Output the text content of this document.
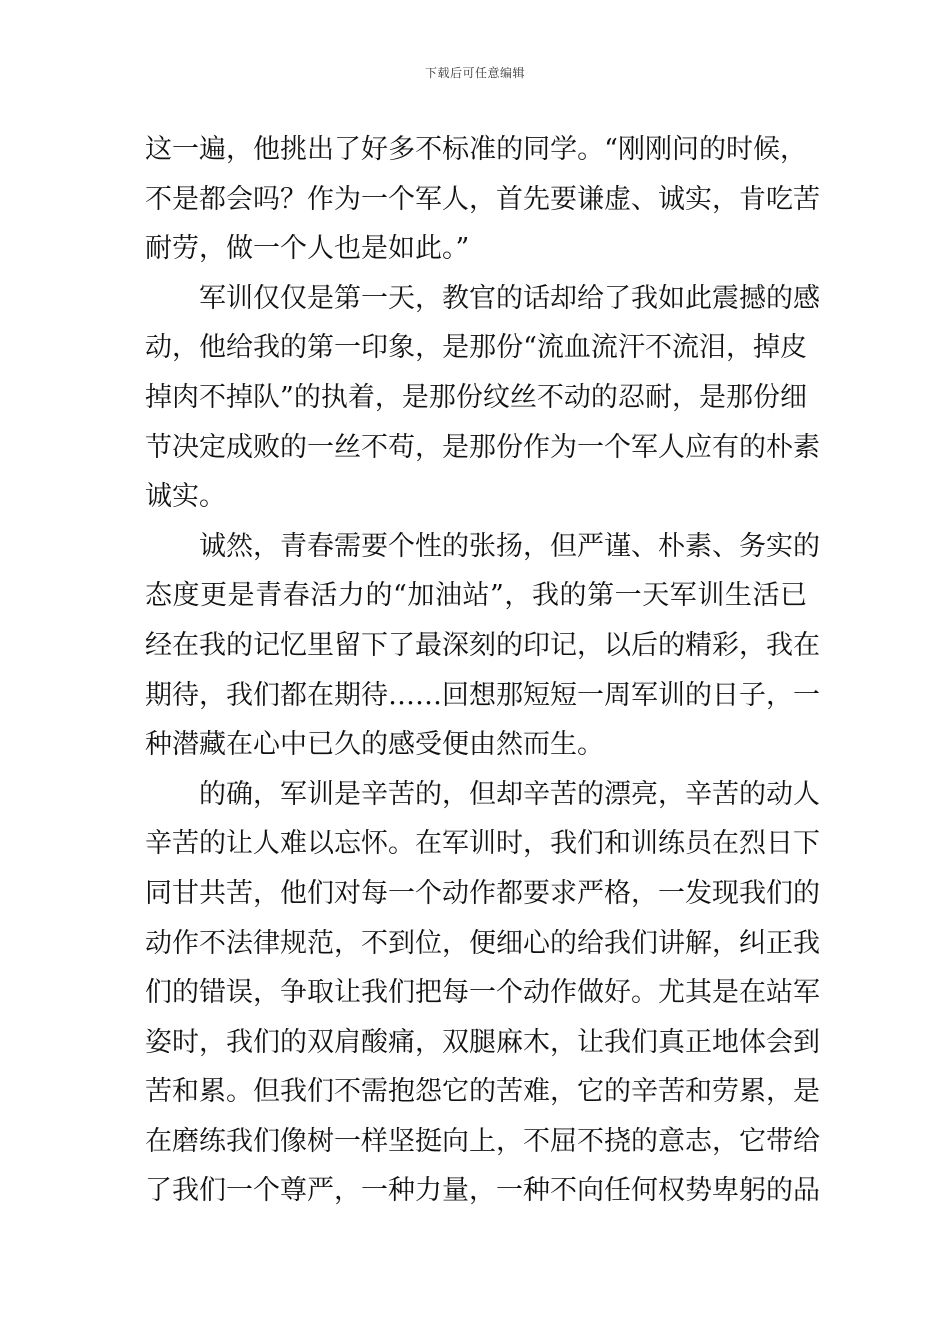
下载后可任意编辑
这一遍，他挑出了好多不标准的同学。“刚刚问的时候，
不是都会吗？作为一个军人，首先要谦虚、诚实，肯吃苦
耐劳，做一个人也是如此。”
军训仅仅是第一天，教官的话却给了我如此震撼的感
动，他给我的第一印象，是那份“流血流汗不流泪，掉皮
掉肉不掉队”的执着，是那份纹丝不动的忍耐，是那份细
节决定成败的一丝不苟，是那份作为一个军人应有的朴素
诚实。
诚然，青春需要个性的张扬，但严谨、朴素、务实的
态度更是青春活力的“加油站”，我的第一天军训生活已
经在我的记忆里留下了最深刻的印记，以后的精彩，我在
期待，我们都在期待……回想那短短一周军训的日子，一
种潜藏在心中已久的感受便由然而生。
的确，军训是辛苦的，但却辛苦的漂亮，辛苦的动人
辛苦的让人难以忘怀。在军训时，我们和训练员在烈日下
同甘共苦，他们对每一个动作都要求严格，一发现我们的
动作不法律规范，不到位，便细心的给我们讲解，纠正我
们的错误，争取让我们把每一个动作做好。尤其是在站军
姿时，我们的双肩酸痛，双腿麻木，让我们真正地体会到
苦和累。但我们不需抱怨它的苦难，它的辛苦和劳累，是
在磨练我们像树一样坚挺向上，不屈不挠的意志，它带给
了我们一个尊严，一种力量，一种不向任何权势卑躬的品
